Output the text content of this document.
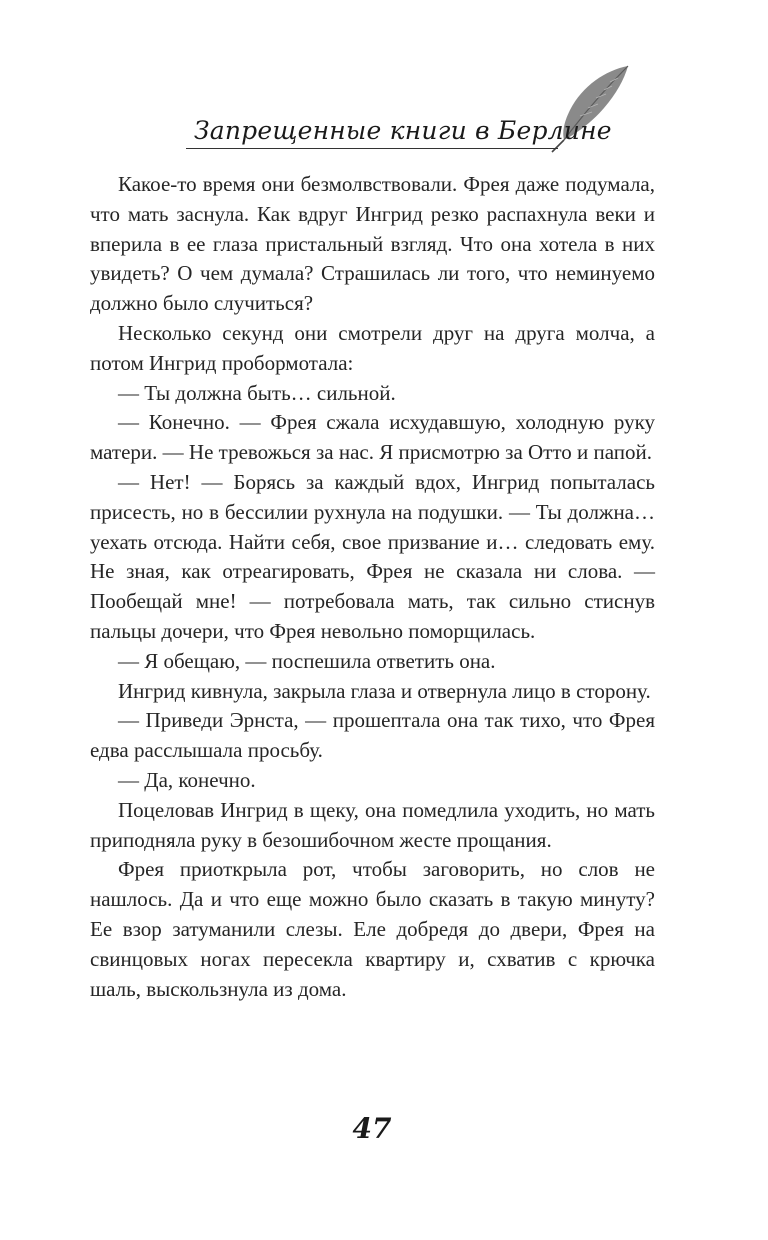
Запрещенные книги в Берлине

Какое-то время они безмолвствовали. Фрея даже подумала, что мать заснула. Как вдруг Ингрид резко распахнула веки и вперила в ее глаза пристальный взгляд. Что она хотела в них увидеть? О чем думала? Страшилась ли того, что неминуемо должно было случиться?

Несколько секунд они смотрели друг на друга молча, а потом Ингрид пробормотала:

— Ты должна быть… сильной.

— Конечно. — Фрея сжала исхудавшую, холодную руку матери. — Не тревожься за нас. Я присмотрю за Отто и папой.

— Нет! — Борясь за каждый вдох, Ингрид попыталась присесть, но в бессилии рухнула на подушки. — Ты должна… уехать отсюда. Найти себя, свое призвание и… следовать ему. Не зная, как отреагировать, Фрея не сказала ни слова. — Пообещай мне! — потребовала мать, так сильно стиснув пальцы дочери, что Фрея невольно поморщилась.

— Я обещаю, — поспешила ответить она.

Ингрид кивнула, закрыла глаза и отвернула лицо в сторону.

— Приведи Эрнста, — прошептала она так тихо, что Фрея едва расслышала просьбу.

— Да, конечно.

Поцеловав Ингрид в щеку, она помедлила уходить, но мать приподняла руку в безошибочном жесте прощания.

Фрея приоткрыла рот, чтобы заговорить, но слов не нашлось. Да и что еще можно было сказать в такую минуту? Ее взор затуманили слезы. Еле добредя до двери, Фрея на свинцовых ногах пересекла квартиру и, схватив с крючка шаль, выскользнула из дома.

47
